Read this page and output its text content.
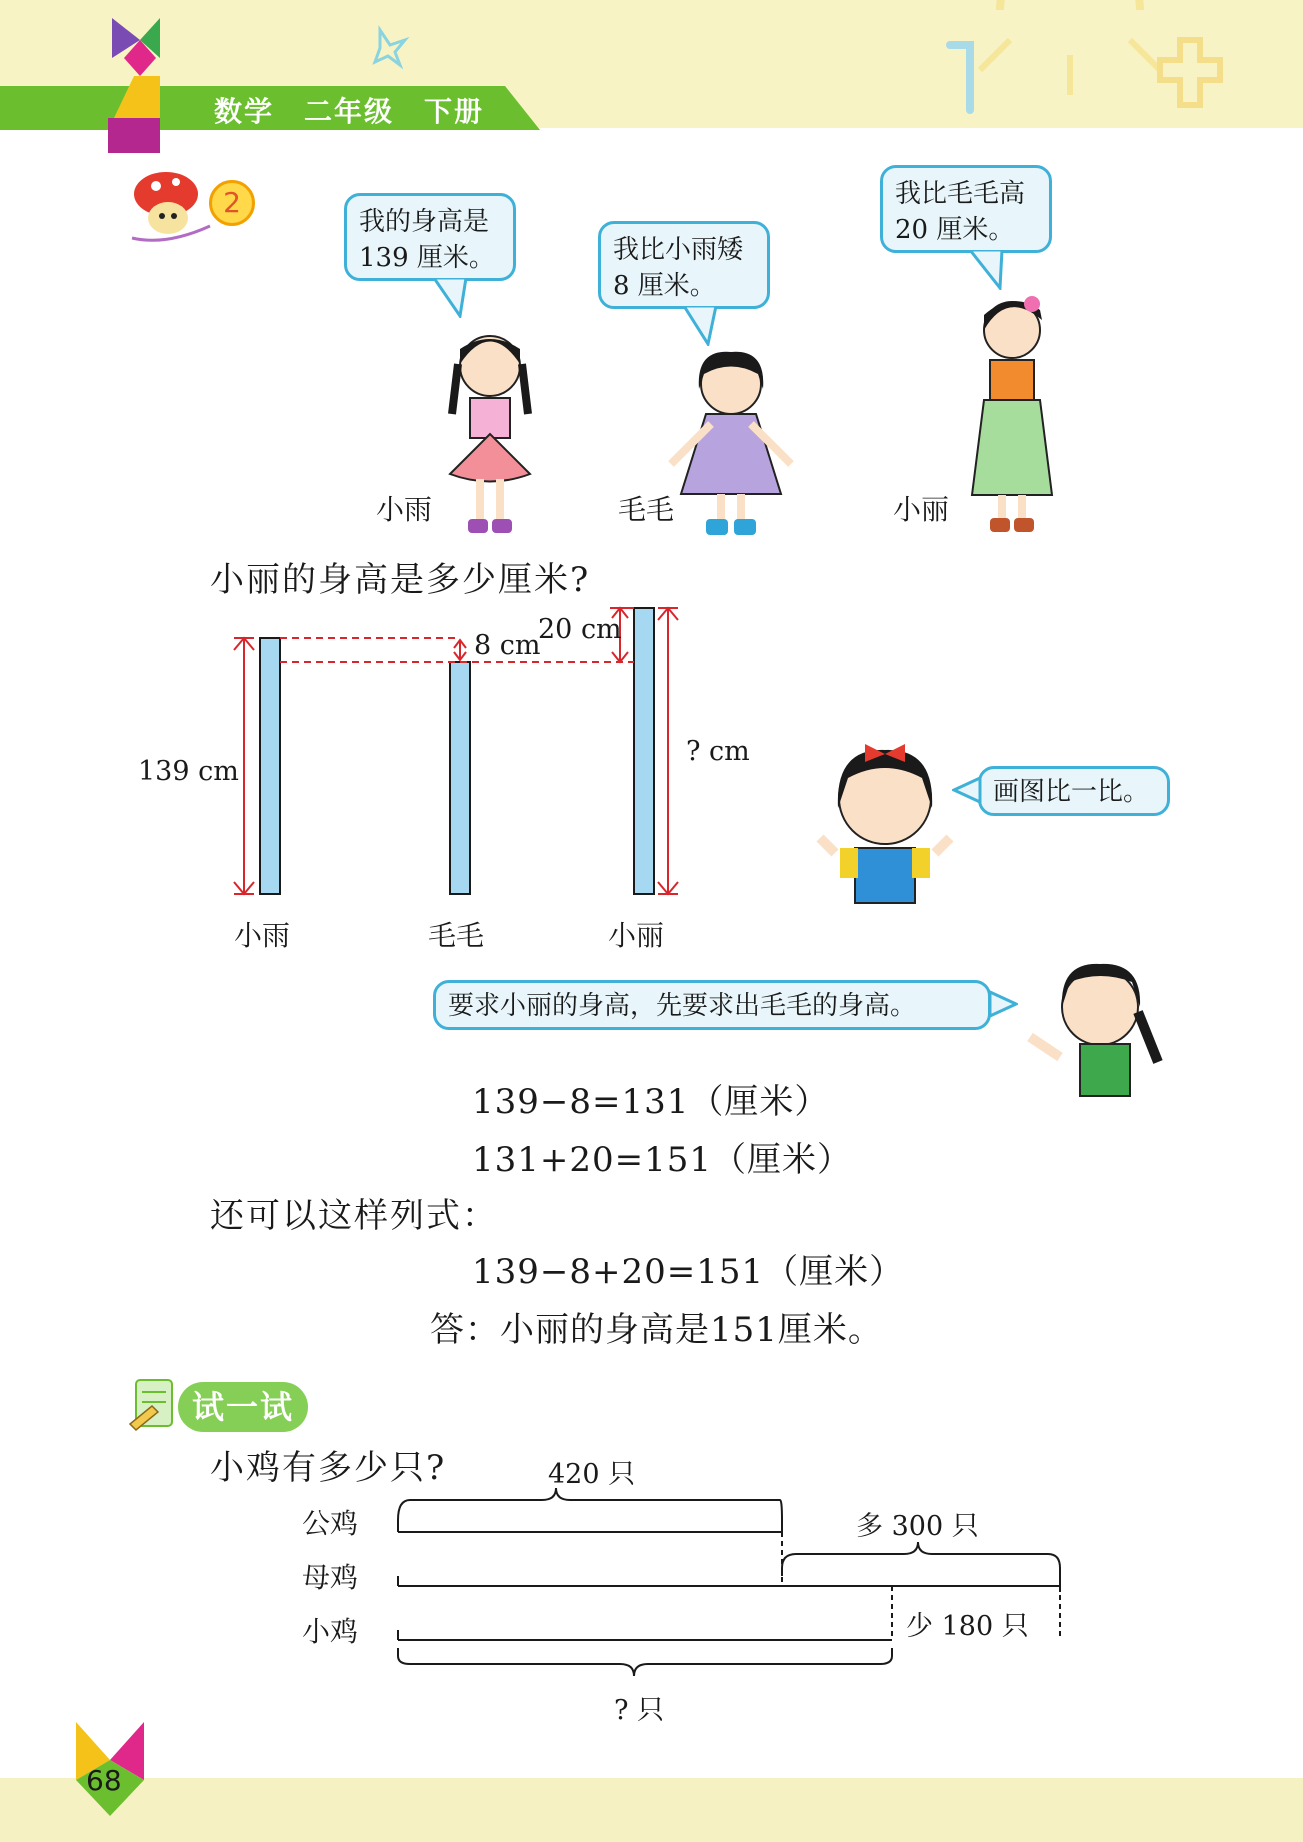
数学　二年级　下册
2
我的身高是
139 厘米。	我比小雨矮
8 厘米。
我比毛毛高
20 厘米。
小雨	毛毛	小丽
小丽的身高是多少厘米?
139 cm
8 cm
20 cm
? cm
小雨	毛毛	小丽
画图比一比。
要求小丽的身高，先要求出毛毛的身高。
139−8=131（厘米）
131+20=151（厘米）
还可以这样列式：
139−8+20=151（厘米）
答：小丽的身高是151厘米。
试一试
小鸡有多少只?	420 只
多 300 只
少 180 只
? 只
公鸡
母鸡
小鸡
68
